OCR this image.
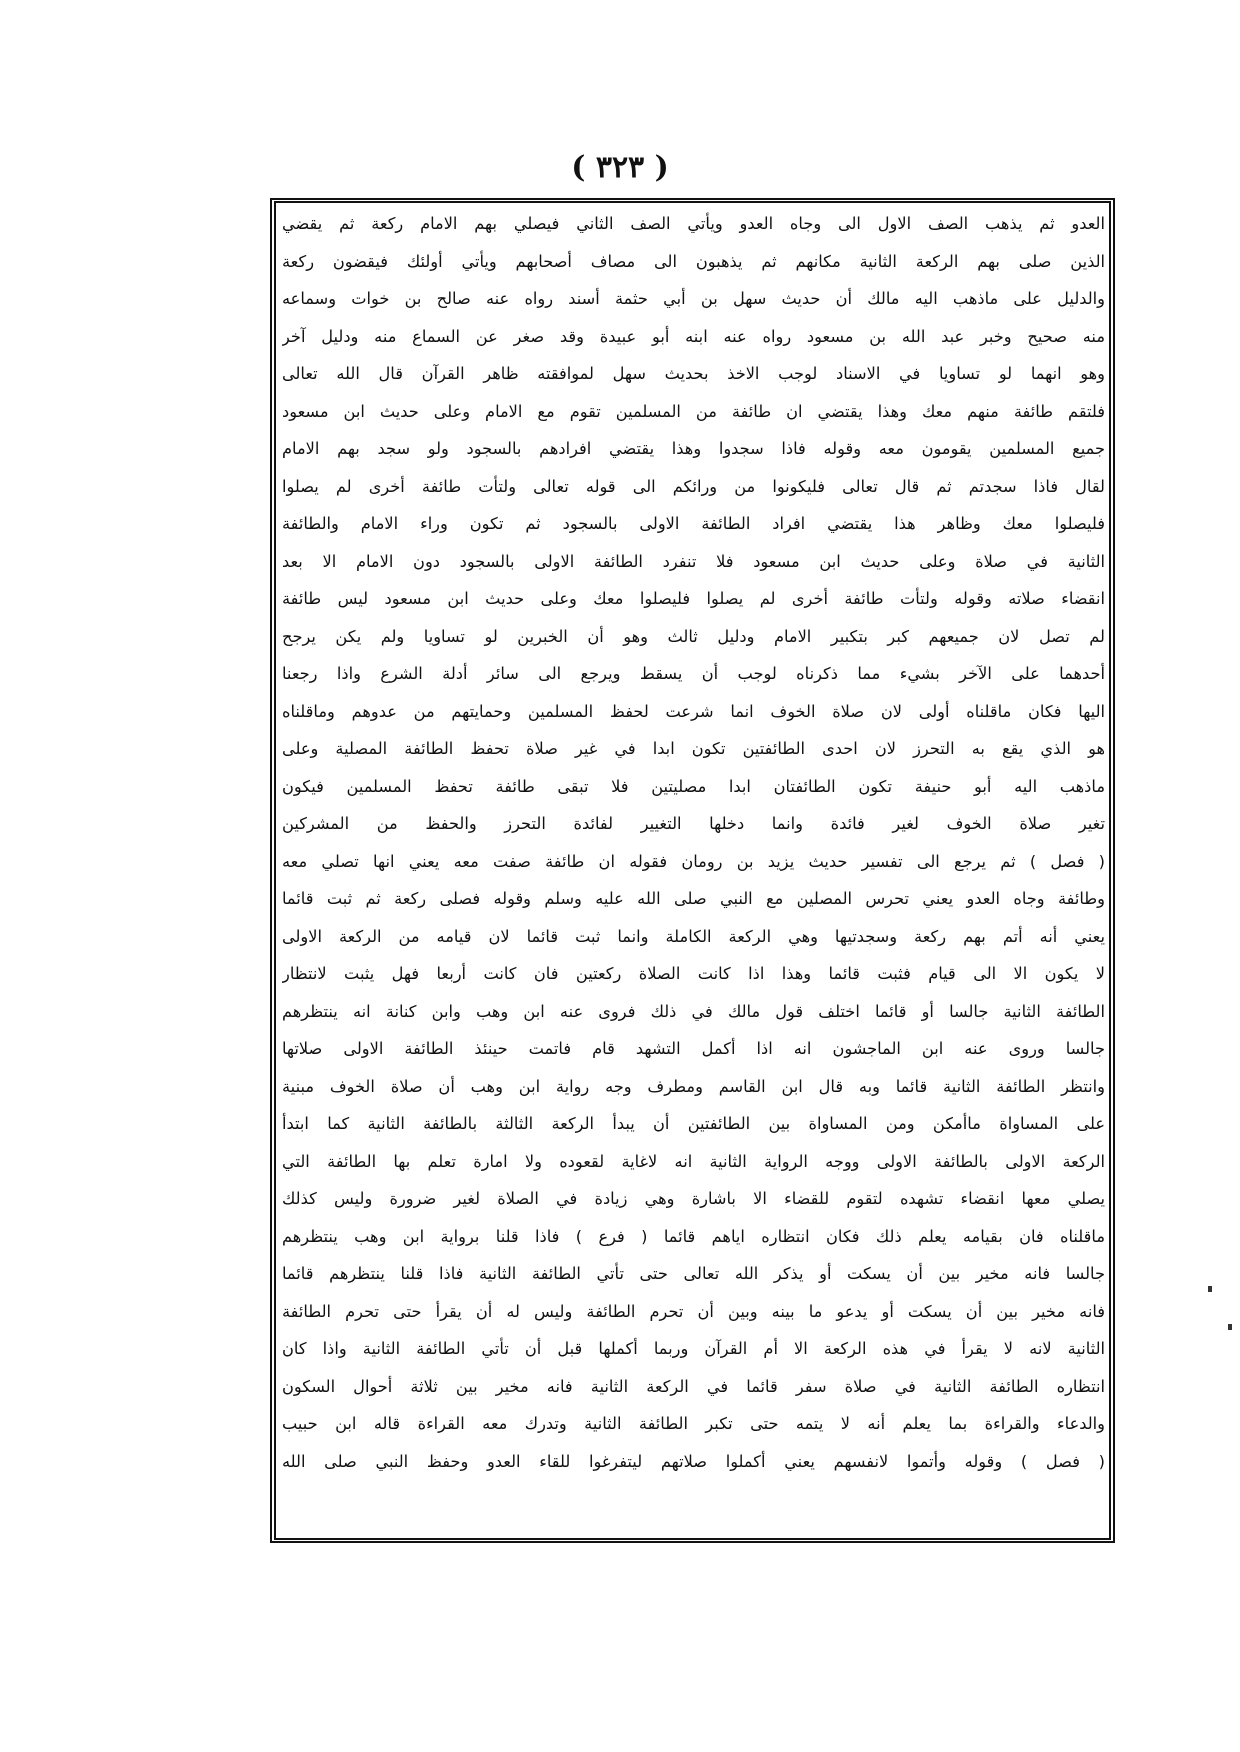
( ٣٢٣ )
العدو ثم يذهب الصف الاول الى وجاه العدو ويأتي الصف الثاني فيصلي بهم الامام ركعة ثم يقضي
الذين صلى بهم الركعة الثانية مكانهم ثم يذهبون الى مصاف أصحابهم ويأتي أولئك فيقضون ركعة
والدليل على ماذهب اليه مالك أن حديث سهل بن أبي حثمة أسند رواه عنه صالح بن خوات وسماعه
منه صحيح وخبر عبد الله بن مسعود رواه عنه ابنه أبو عبيدة وقد صغر عن السماع منه ودليل آخر
وهو انهما لو تساويا في الاسناد لوجب الاخذ بحديث سهل لموافقته ظاهر القرآن قال الله تعالى
فلتقم طائفة منهم معك وهذا يقتضي ان طائفة من المسلمين تقوم مع الامام وعلى حديث ابن مسعود
جميع المسلمين يقومون معه وقوله فاذا سجدوا وهذا يقتضي افرادهم بالسجود ولو سجد بهم الامام
لقال فاذا سجدتم ثم قال تعالى فليكونوا من ورائكم الى قوله تعالى ولتأت طائفة أخرى لم يصلوا
فليصلوا معك وظاهر هذا يقتضي افراد الطائفة الاولى بالسجود ثم تكون وراء الامام والطائفة
الثانية في صلاة وعلى حديث ابن مسعود فلا تنفرد الطائفة الاولى بالسجود دون الامام الا بعد
انقضاء صلاته وقوله ولتأت طائفة أخرى لم يصلوا فليصلوا معك وعلى حديث ابن مسعود ليس طائفة
لم تصل لان جميعهم كبر بتكبير الامام ودليل ثالث وهو أن الخبرين لو تساويا ولم يكن يرجح
أحدهما على الآخر بشيء مما ذكرناه لوجب أن يسقط ويرجع الى سائر أدلة الشرع واذا رجعنا
اليها فكان ماقلناه أولى لان صلاة الخوف انما شرعت لحفظ المسلمين وحمايتهم من عدوهم وماقلناه
هو الذي يقع به التحرز لان احدى الطائفتين تكون ابدا في غير صلاة تحفظ الطائفة المصلية وعلى
ماذهب اليه أبو حنيفة تكون الطائفتان ابدا مصليتين فلا تبقى طائفة تحفظ المسلمين فيكون
تغير صلاة الخوف لغير فائدة وانما دخلها التغيير لفائدة التحرز والحفظ من المشركين
( فصل ) ثم يرجع الى تفسير حديث يزيد بن رومان فقوله ان طائفة صفت معه يعني انها تصلي معه
وطائفة وجاه العدو يعني تحرس المصلين مع النبي صلى الله عليه وسلم وقوله فصلى ركعة ثم ثبت قائما
يعني أنه أتم بهم ركعة وسجدتيها وهي الركعة الكاملة وانما ثبت قائما لان قيامه من الركعة الاولى
لا يكون الا الى قيام فثبت قائما وهذا اذا كانت الصلاة ركعتين فان كانت أربعا فهل يثبت لانتظار
الطائفة الثانية جالسا أو قائما اختلف قول مالك في ذلك فروى عنه ابن وهب وابن كنانة انه ينتظرهم
جالسا وروى عنه ابن الماجشون انه اذا أكمل التشهد قام فاتمت حينئذ الطائفة الاولى صلاتها
وانتظر الطائفة الثانية قائما وبه قال ابن القاسم ومطرف وجه رواية ابن وهب أن صلاة الخوف مبنية
على المساواة ماأمكن ومن المساواة بين الطائفتين أن يبدأ الركعة الثالثة بالطائفة الثانية كما ابتدأ
الركعة الاولى بالطائفة الاولى ووجه الرواية الثانية انه لاغاية لقعوده ولا امارة تعلم بها الطائفة التي
يصلي معها انقضاء تشهده لتقوم للقضاء الا باشارة وهي زيادة في الصلاة لغير ضرورة وليس كذلك
ماقلناه فان بقيامه يعلم ذلك فكان انتظاره اياهم قائما ( فرع ) فاذا قلنا برواية ابن وهب ينتظرهم
جالسا فانه مخير بين أن يسكت أو يذكر الله تعالى حتى تأتي الطائفة الثانية فاذا قلنا ينتظرهم قائما
فانه مخير بين أن يسكت أو يدعو ما بينه وبين أن تحرم الطائفة وليس له أن يقرأ حتى تحرم الطائفة
الثانية لانه لا يقرأ في هذه الركعة الا أم القرآن وربما أكملها قبل أن تأتي الطائفة الثانية واذا كان
انتظاره الطائفة الثانية في صلاة سفر قائما في الركعة الثانية فانه مخير بين ثلاثة أحوال السكون
والدعاء والقراءة بما يعلم أنه لا يتمه حتى تكبر الطائفة الثانية وتدرك معه القراءة قاله ابن حبيب
( فصل ) وقوله وأتموا لانفسهم يعني أكملوا صلاتهم ليتفرغوا للقاء العدو وحفظ النبي صلى الله
